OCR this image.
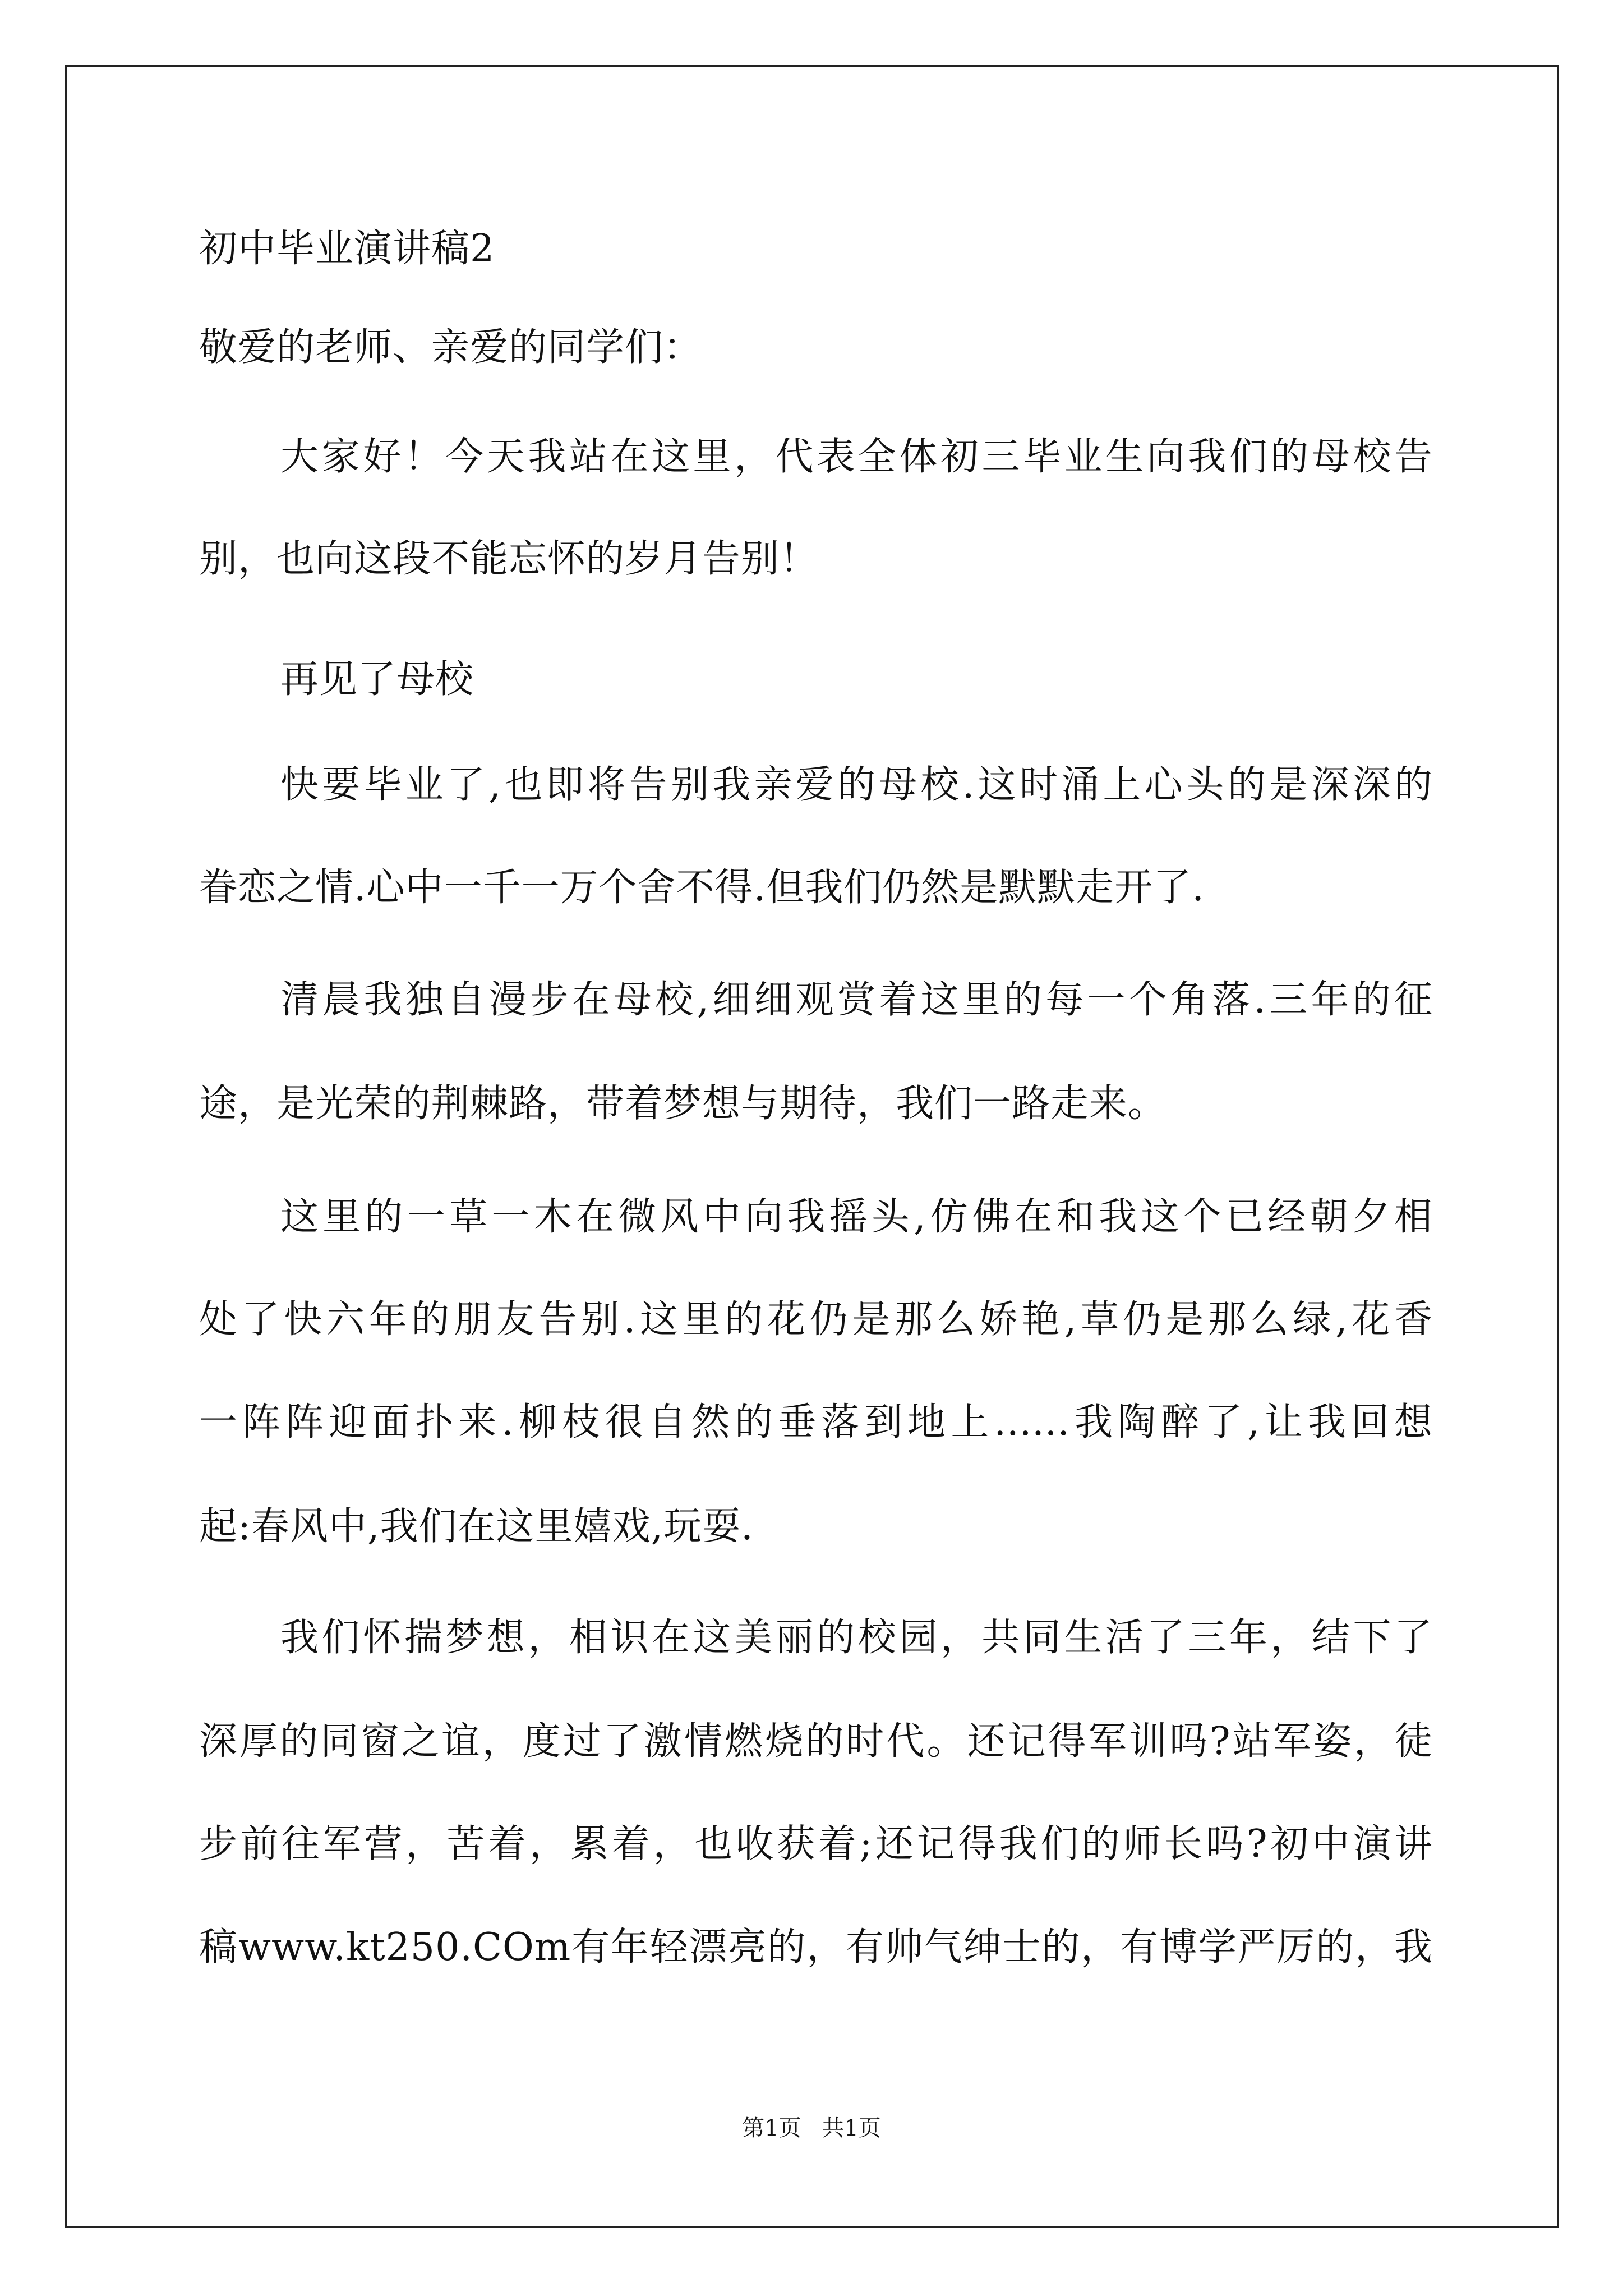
初中毕业演讲稿2
敬爱的老师、亲爱的同学们：
大家好！今天我站在这里，代表全体初三毕业生向我们的母校告
别，也向这段不能忘怀的岁月告别！
再见了母校
快要毕业了,也即将告别我亲爱的母校.这时涌上心头的是深深的
眷恋之情.心中一千一万个舍不得.但我们仍然是默默走开了.
清晨我独自漫步在母校,细细观赏着这里的每一个角落.三年的征
途，是光荣的荆棘路，带着梦想与期待，我们一路走来。
这里的一草一木在微风中向我摇头,仿佛在和我这个已经朝夕相
处了快六年的朋友告别.这里的花仍是那么娇艳,草仍是那么绿,花香
一阵阵迎面扑来.柳枝很自然的垂落到地上......我陶醉了,让我回想
起:春风中,我们在这里嬉戏,玩耍.
我们怀揣梦想，相识在这美丽的校园，共同生活了三年，结下了
深厚的同窗之谊，度过了激情燃烧的时代。还记得军训吗?站军姿，徒
步前往军营，苦着，累着，也收获着;还记得我们的师长吗?初中演讲
稿www.kt250.COm有年轻漂亮的，有帅气绅士的，有博学严厉的，我
第1页 共1页
